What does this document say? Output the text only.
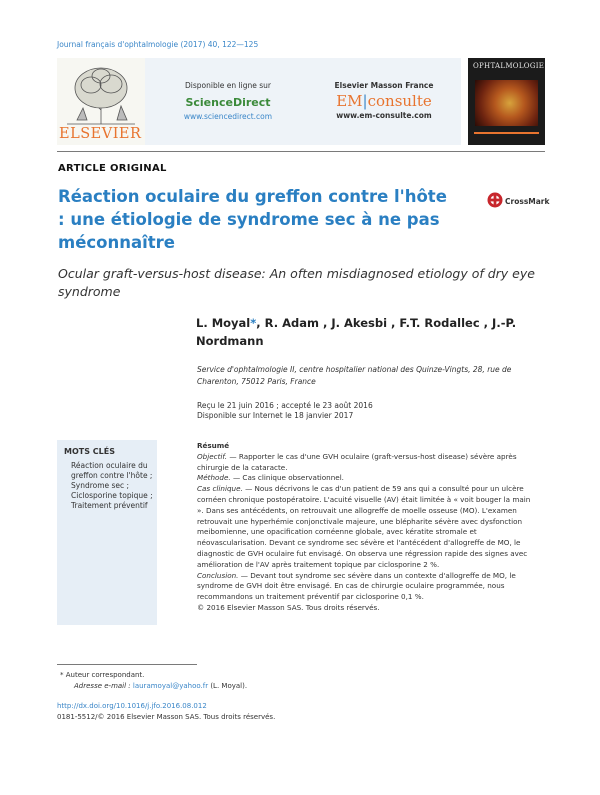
Journal français d'ophtalmologie (2017) 40, 122—125
ELSEVIER
Disponible en ligne sur
ScienceDirect
www.sciencedirect.com
Elsevier Masson France
EM|consulte
www.em-consulte.com
OPHTALMOLOGIE
ARTICLE ORIGINAL
Réaction oculaire du greffon contre l'hôte : une étiologie de syndrome sec à ne pas méconnaître
CrossMark
Ocular graft-versus-host disease: An often misdiagnosed etiology of dry eye syndrome
L. Moyal*, R. Adam , J. Akesbi , F.T. Rodallec , J.-P. Nordmann
Service d'ophtalmologie II, centre hospitalier national des Quinze-Vingts, 28, rue de Charenton, 75012 Paris, France
Reçu le 21 juin 2016 ; accepté le 23 août 2016
Disponible sur Internet le 18 janvier 2017
MOTS CLÉS
Réaction oculaire du greffon contre l'hôte ;
Syndrome sec ;
Ciclosporine topique ;
Traitement préventif

Résumé

Objectif. — Rapporter le cas d'une GVH oculaire (graft-versus-host disease) sévère après chirurgie de la cataracte.

Méthode. — Cas clinique observationnel.

Cas clinique. — Nous décrivons le cas d'un patient de 59 ans qui a consulté pour un ulcère cornéen chronique postopératoire. L'acuité visuelle (AV) était limitée à « voit bouger la main ». Dans ses antécédents, on retrouvait une allogreffe de moelle osseuse (MO). L'examen retrouvait une hyperhémie conjonctivale majeure, une blépharite sévère avec dysfonction meibomienne, une opacification cornéenne globale, avec kératite stromale et néovascularisation. Devant ce syndrome sec sévère et l'antécédent d'allogreffe de MO, le diagnostic de GVH oculaire fut envisagé. On observa une régression rapide des signes avec amélioration de l'AV après traitement topique par ciclosporine 2 %.

Conclusion. — Devant tout syndrome sec sévère dans un contexte d'allogreffe de MO, le syndrome de GVH doit être envisagé. En cas de chirurgie oculaire programmée, nous recommandons un traitement préventif par ciclosporine 0,1 %.

© 2016 Elsevier Masson SAS. Tous droits réservés.

* Auteur correspondant.
Adresse e-mail : lauramoyal@yahoo.fr (L. Moyal).
http://dx.doi.org/10.1016/j.jfo.2016.08.012
0181-5512/© 2016 Elsevier Masson SAS. Tous droits réservés.
